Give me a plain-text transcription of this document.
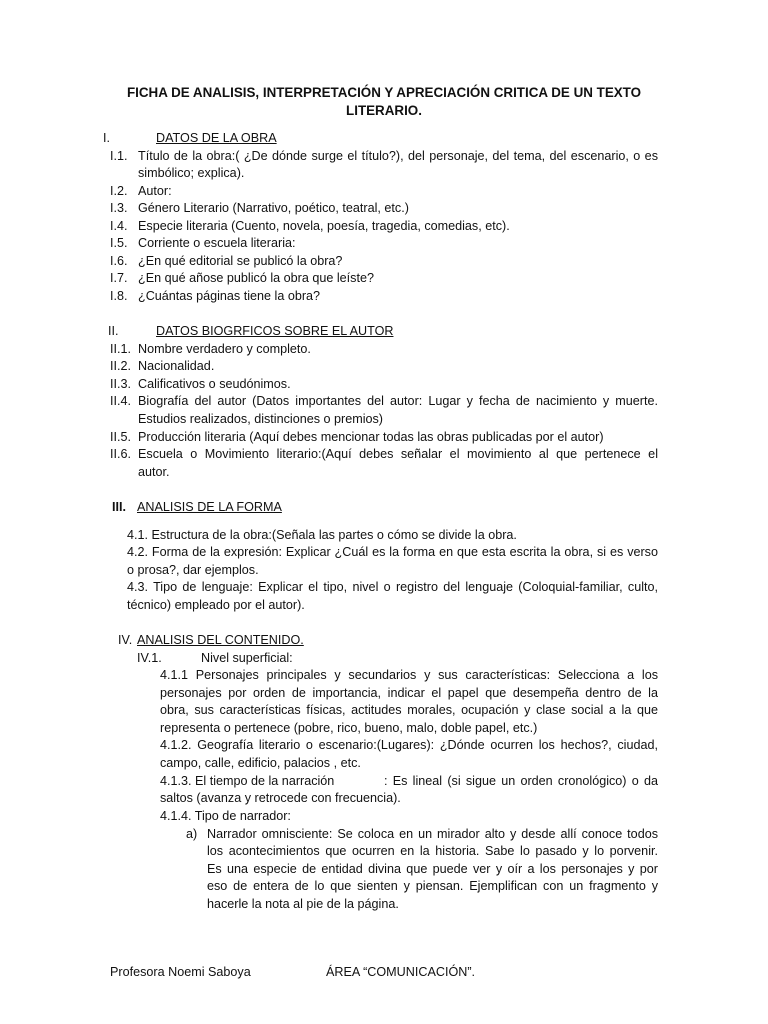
FICHA DE ANALISIS, INTERPRETACIÓN Y APRECIACIÓN CRITICA DE UN TEXTO LITERARIO.
I.	DATOS DE LA OBRA
I.1. Título de la obra:( ¿De dónde surge el título?), del personaje, del tema, del escenario, o es
simbólico; explica).
I.2. Autor:
I.3. Género Literario (Narrativo, poético, teatral, etc.)
I.4. Especie literaria (Cuento, novela, poesía, tragedia, comedias, etc).
I.5. Corriente o escuela literaria:
I.6. ¿En qué editorial se publicó la obra?
I.7. ¿En qué añose publicó la obra que leíste?
I.8. ¿Cuántas páginas tiene la obra?
II.	DATOS BIOGRFICOS SOBRE EL AUTOR
II.1. Nombre verdadero y completo.
II.2. Nacionalidad.
II.3. Calificativos o seudónimos.
II.4. Biografía del autor (Datos importantes del autor: Lugar y fecha de nacimiento y muerte.
Estudios realizados, distinciones o premios)
II.5. Producción literaria (Aquí debes mencionar todas las obras publicadas por el autor)
II.6. Escuela o Movimiento literario:(Aquí debes señalar el movimiento al que pertenece el
autor.
III. ANALISIS DE LA FORMA
4.1. Estructura de la obra:(Señala las partes o cómo se divide la obra.
4.2. Forma de la expresión: Explicar ¿Cuál es la forma en que esta escrita la obra, si es verso
o prosa?, dar ejemplos.
4.3. Tipo de lenguaje: Explicar el tipo, nivel o registro del lenguaje (Coloquial-familiar, culto,
técnico) empleado por el autor).
IV. ANALISIS DEL CONTENIDO.
IV.1.	Nivel superficial:
4.1.1 Personajes principales y secundarios y sus características: Selecciona a los
personajes por orden de importancia, indicar el papel que desempeña dentro de la
obra, sus características físicas, actitudes morales, ocupación y clase social a la que
representa o pertenece (pobre, rico, bueno, malo, doble papel, etc.)
4.1.2. Geografía literario o escenario:(Lugares): ¿Dónde ocurren los hechos?, ciudad,
campo, calle, edificio, palacios , etc.
4.1.3. El tiempo de la narración	: Es lineal (si sigue un orden cronológico) o da
saltos (avanza y retrocede con frecuencia).
4.1.4. Tipo de narrador:
a) Narrador omnisciente: Se coloca en un mirador alto y desde allí conoce todos
los acontecimientos que ocurren en la historia. Sabe lo pasado y lo porvenir.
Es una especie de entidad divina que puede ver y oír a los personajes y por
eso de entera de lo que sienten y piensan. Ejemplifican con un fragmento y
hacerle la nota al pie de la página.
Profesora Noemi Saboya	ÁREA “COMUNICACIÓN”.
